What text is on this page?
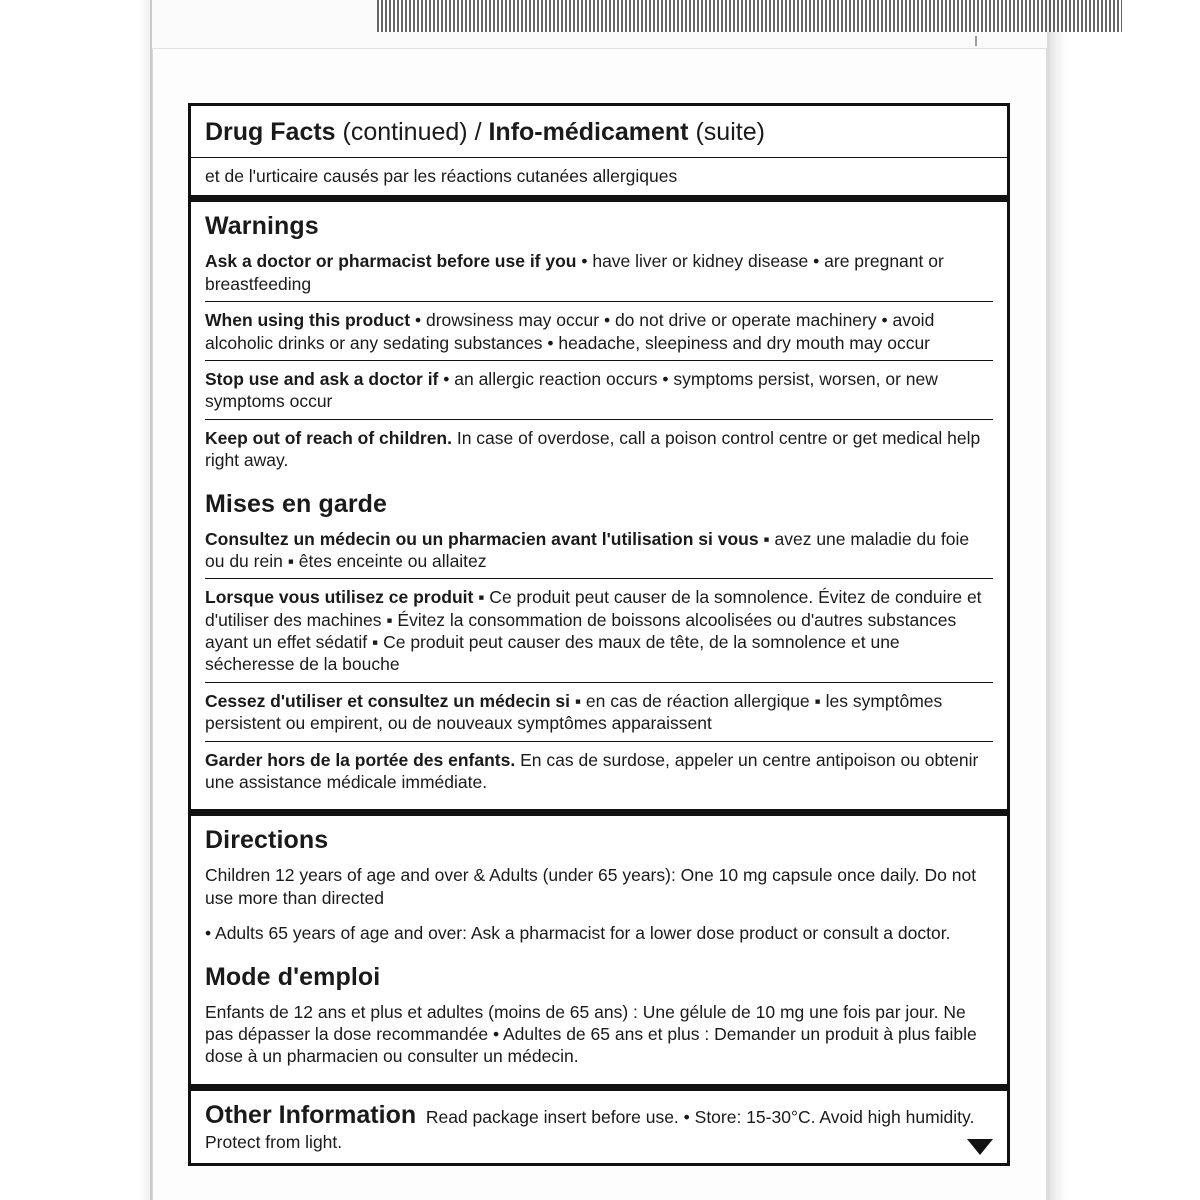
Drug Facts (continued) / Info-médicament (suite)
et de l'urticaire causés par les réactions cutanées allergiques
Warnings
Ask a doctor or pharmacist before use if you • have liver or kidney disease • are pregnant or breastfeeding
When using this product • drowsiness may occur • do not drive or operate machinery • avoid alcoholic drinks or any sedating substances • headache, sleepiness and dry mouth may occur
Stop use and ask a doctor if • an allergic reaction occurs • symptoms persist, worsen, or new symptoms occur
Keep out of reach of children. In case of overdose, call a poison control centre or get medical help right away.
Mises en garde
Consultez un médecin ou un pharmacien avant l'utilisation si vous ▪ avez une maladie du foie ou du rein ▪ êtes enceinte ou allaitez
Lorsque vous utilisez ce produit ▪ Ce produit peut causer de la somnolence. Évitez de conduire et d'utiliser des machines ▪ Évitez la consommation de boissons alcoolisées ou d'autres substances ayant un effet sédatif ▪ Ce produit peut causer des maux de tête, de la somnolence et une sécheresse de la bouche
Cessez d'utiliser et consultez un médecin si ▪ en cas de réaction allergique ▪ les symptômes persistent ou empirent, ou de nouveaux symptômes apparaissent
Garder hors de la portée des enfants. En cas de surdose, appeler un centre antipoison ou obtenir une assistance médicale immédiate.
Directions
Children 12 years of age and over & Adults (under 65 years): One 10 mg capsule once daily. Do not use more than directed
• Adults 65 years of age and over: Ask a pharmacist for a lower dose product or consult a doctor.
Mode d'emploi
Enfants de 12 ans et plus et adultes (moins de 65 ans) : Une gélule de 10 mg une fois par jour. Ne pas dépasser la dose recommandée • Adultes de 65 ans et plus : Demander un produit à plus faible dose à un pharmacien ou consulter un médecin.
Other Information Read package insert before use. • Store: 15-30°C. Avoid high humidity. Protect from light.
